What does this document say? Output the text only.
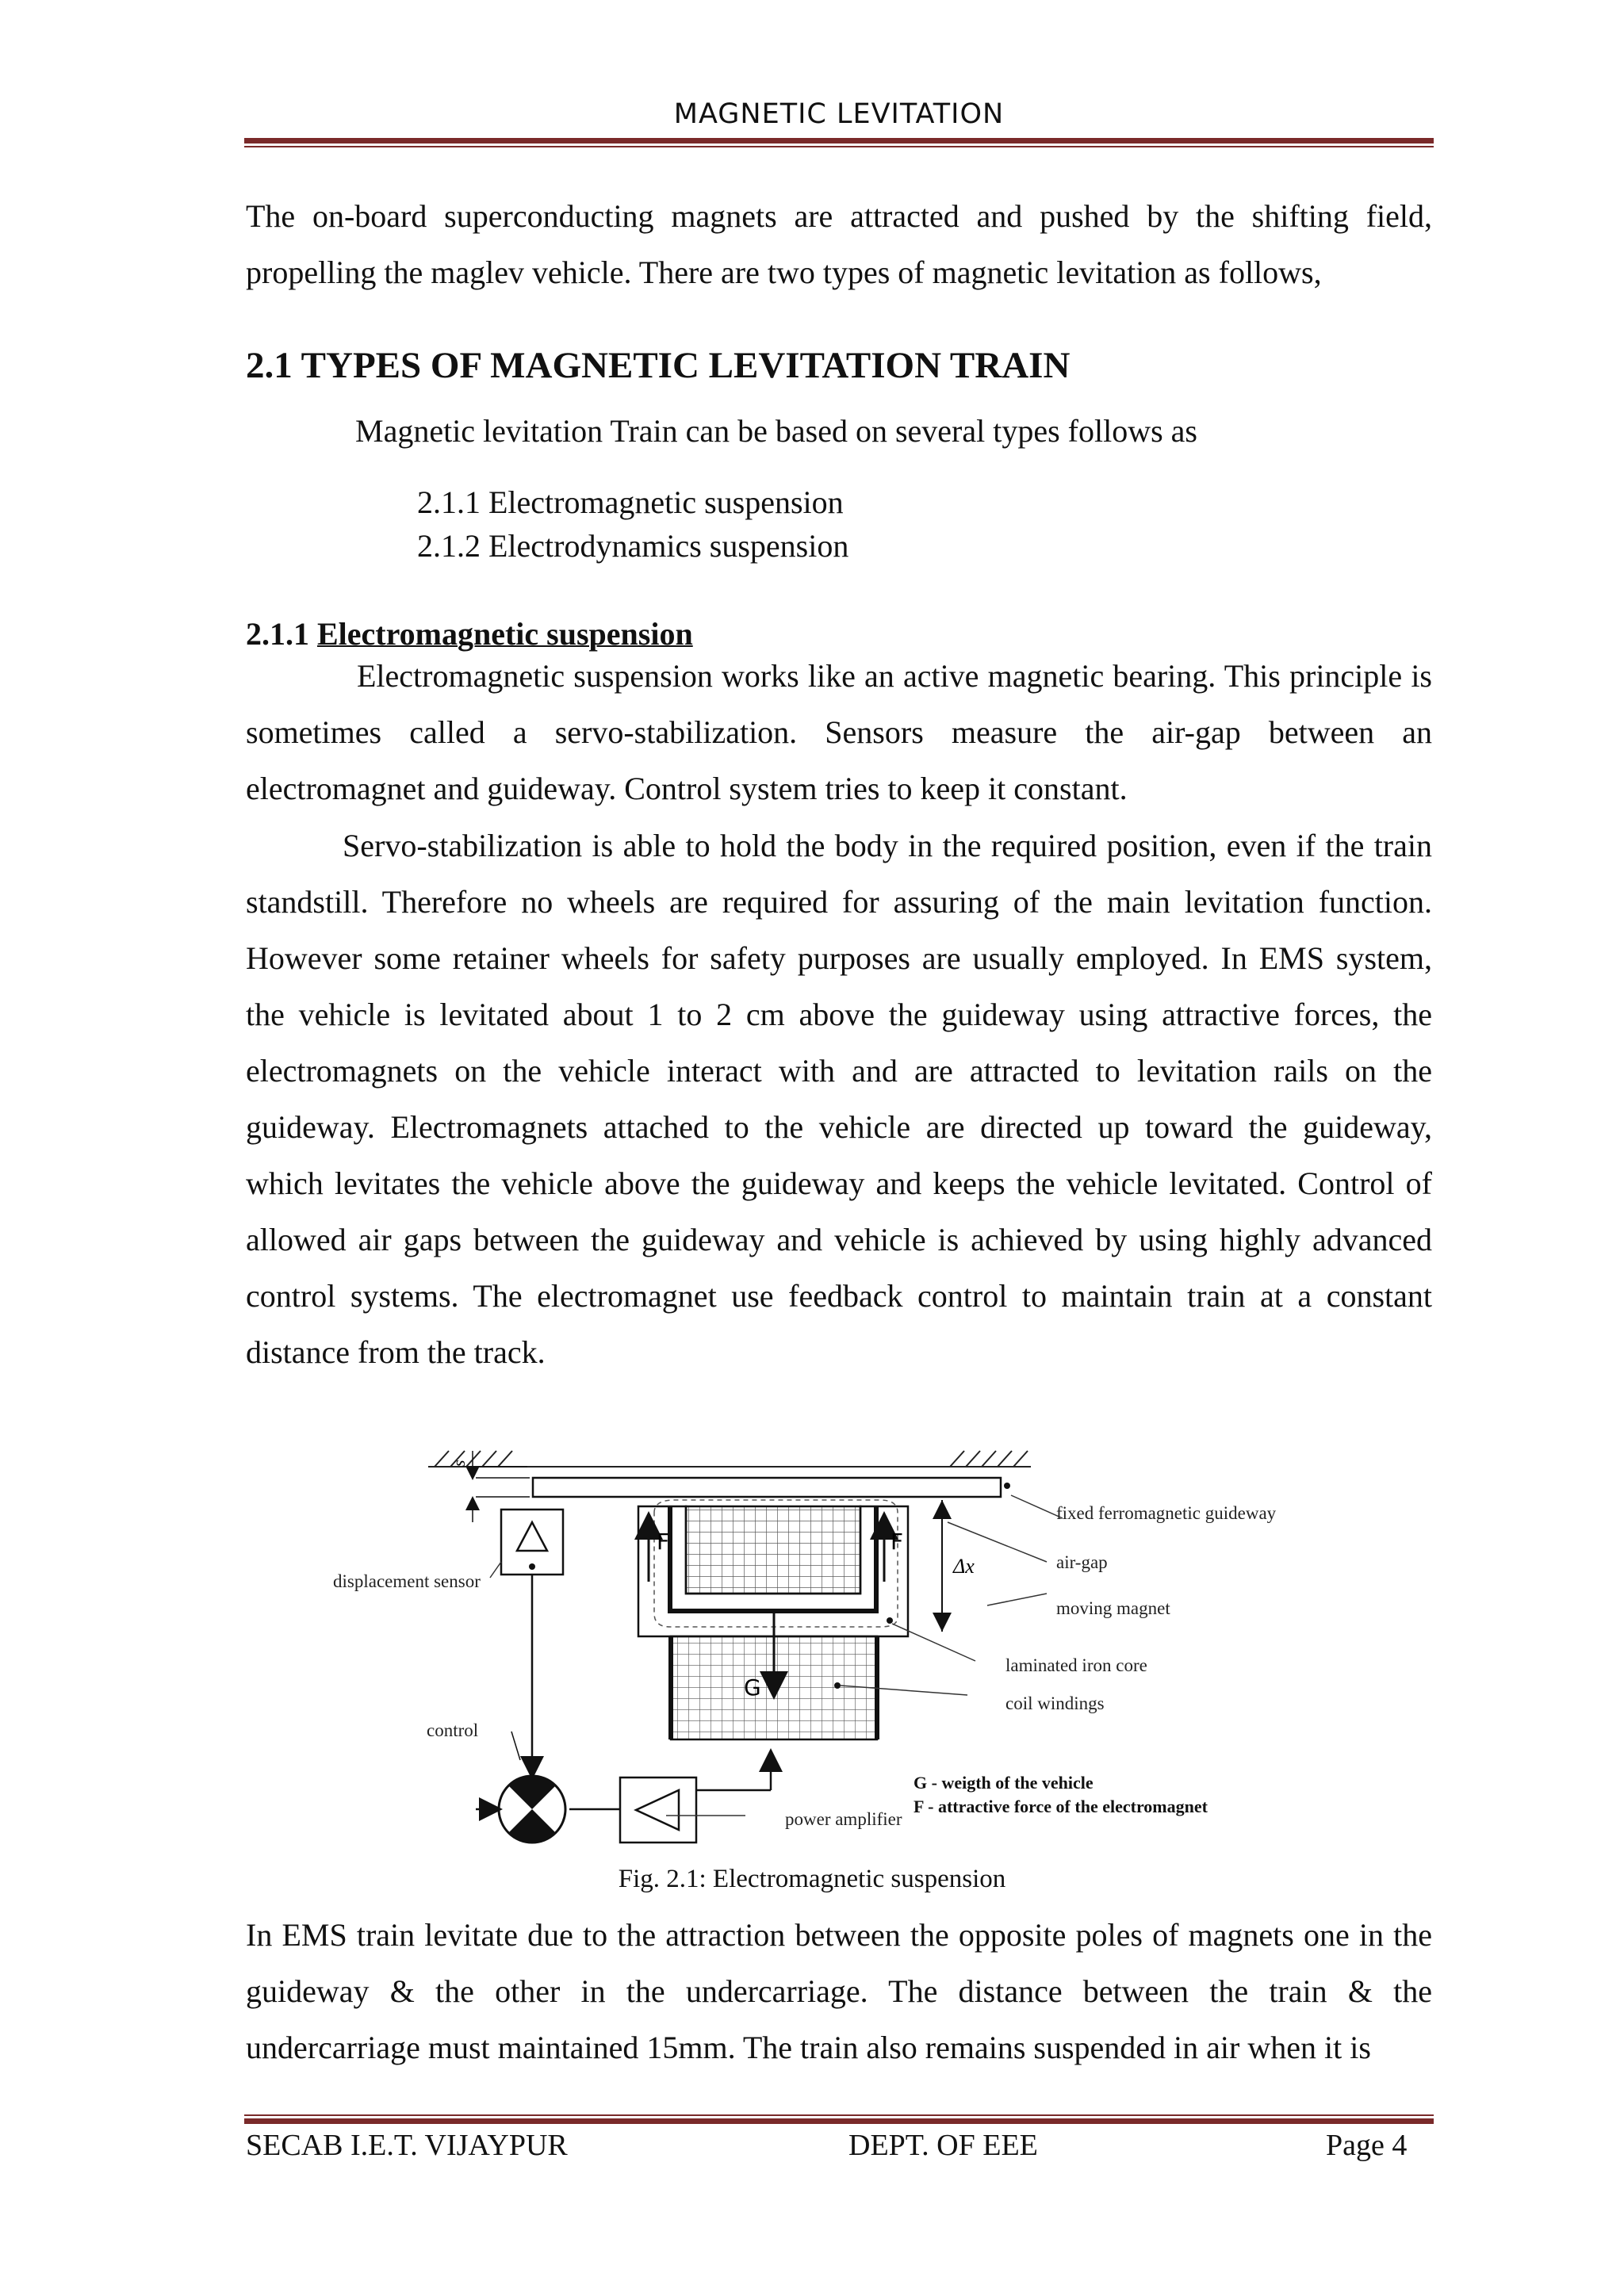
MAGNETIC LEVITATION
The on-board superconducting magnets are attracted and pushed by the shifting field, propelling the maglev vehicle. There are two types of magnetic levitation as follows,
2.1 TYPES OF MAGNETIC LEVITATION TRAIN
Magnetic levitation Train can be based on several types follows as
2.1.1 Electromagnetic suspension
2.1.2 Electrodynamics suspension
2.1.1 Electromagnetic suspension
Electromagnetic suspension works like an active magnetic bearing. This principle is sometimes called a servo-stabilization. Sensors measure the air-gap between an electromagnet and guideway. Control system tries to keep it constant.
Servo-stabilization is able to hold the body in the required position, even if the train standstill. Therefore no wheels are required for assuring of the main levitation function. However some retainer wheels for safety purposes are usually employed. In EMS system, the vehicle is levitated about 1 to 2 cm above the guideway using attractive forces, the electromagnets on the vehicle interact with and are attracted to levitation rails on the guideway. Electromagnets attached to the vehicle are directed up toward the guideway, which levitates the vehicle above the guideway and keeps the vehicle levitated. Control of allowed air gaps between the guideway and vehicle is achieved by using highly advanced control systems. The electromagnet use feedback control to maintain train at a constant distance from the track.
s
F	F
Δx
G
fixed ferromagnetic guideway
air-gap
moving magnet
displacement sensor
laminated iron core
coil windings
control
power amplifier
G - weigth of the vehicle
F - attractive force of the electromagnet
Fig. 2.1: Electromagnetic suspension
In EMS train levitate due to the attraction between the opposite poles of magnets one in the guideway & the other in the undercarriage. The distance between the train & the undercarriage must maintained 15mm. The train also remains suspended in air when it is
SECAB I.E.T. VIJAYPUR	DEPT. OF EEE	Page 4
